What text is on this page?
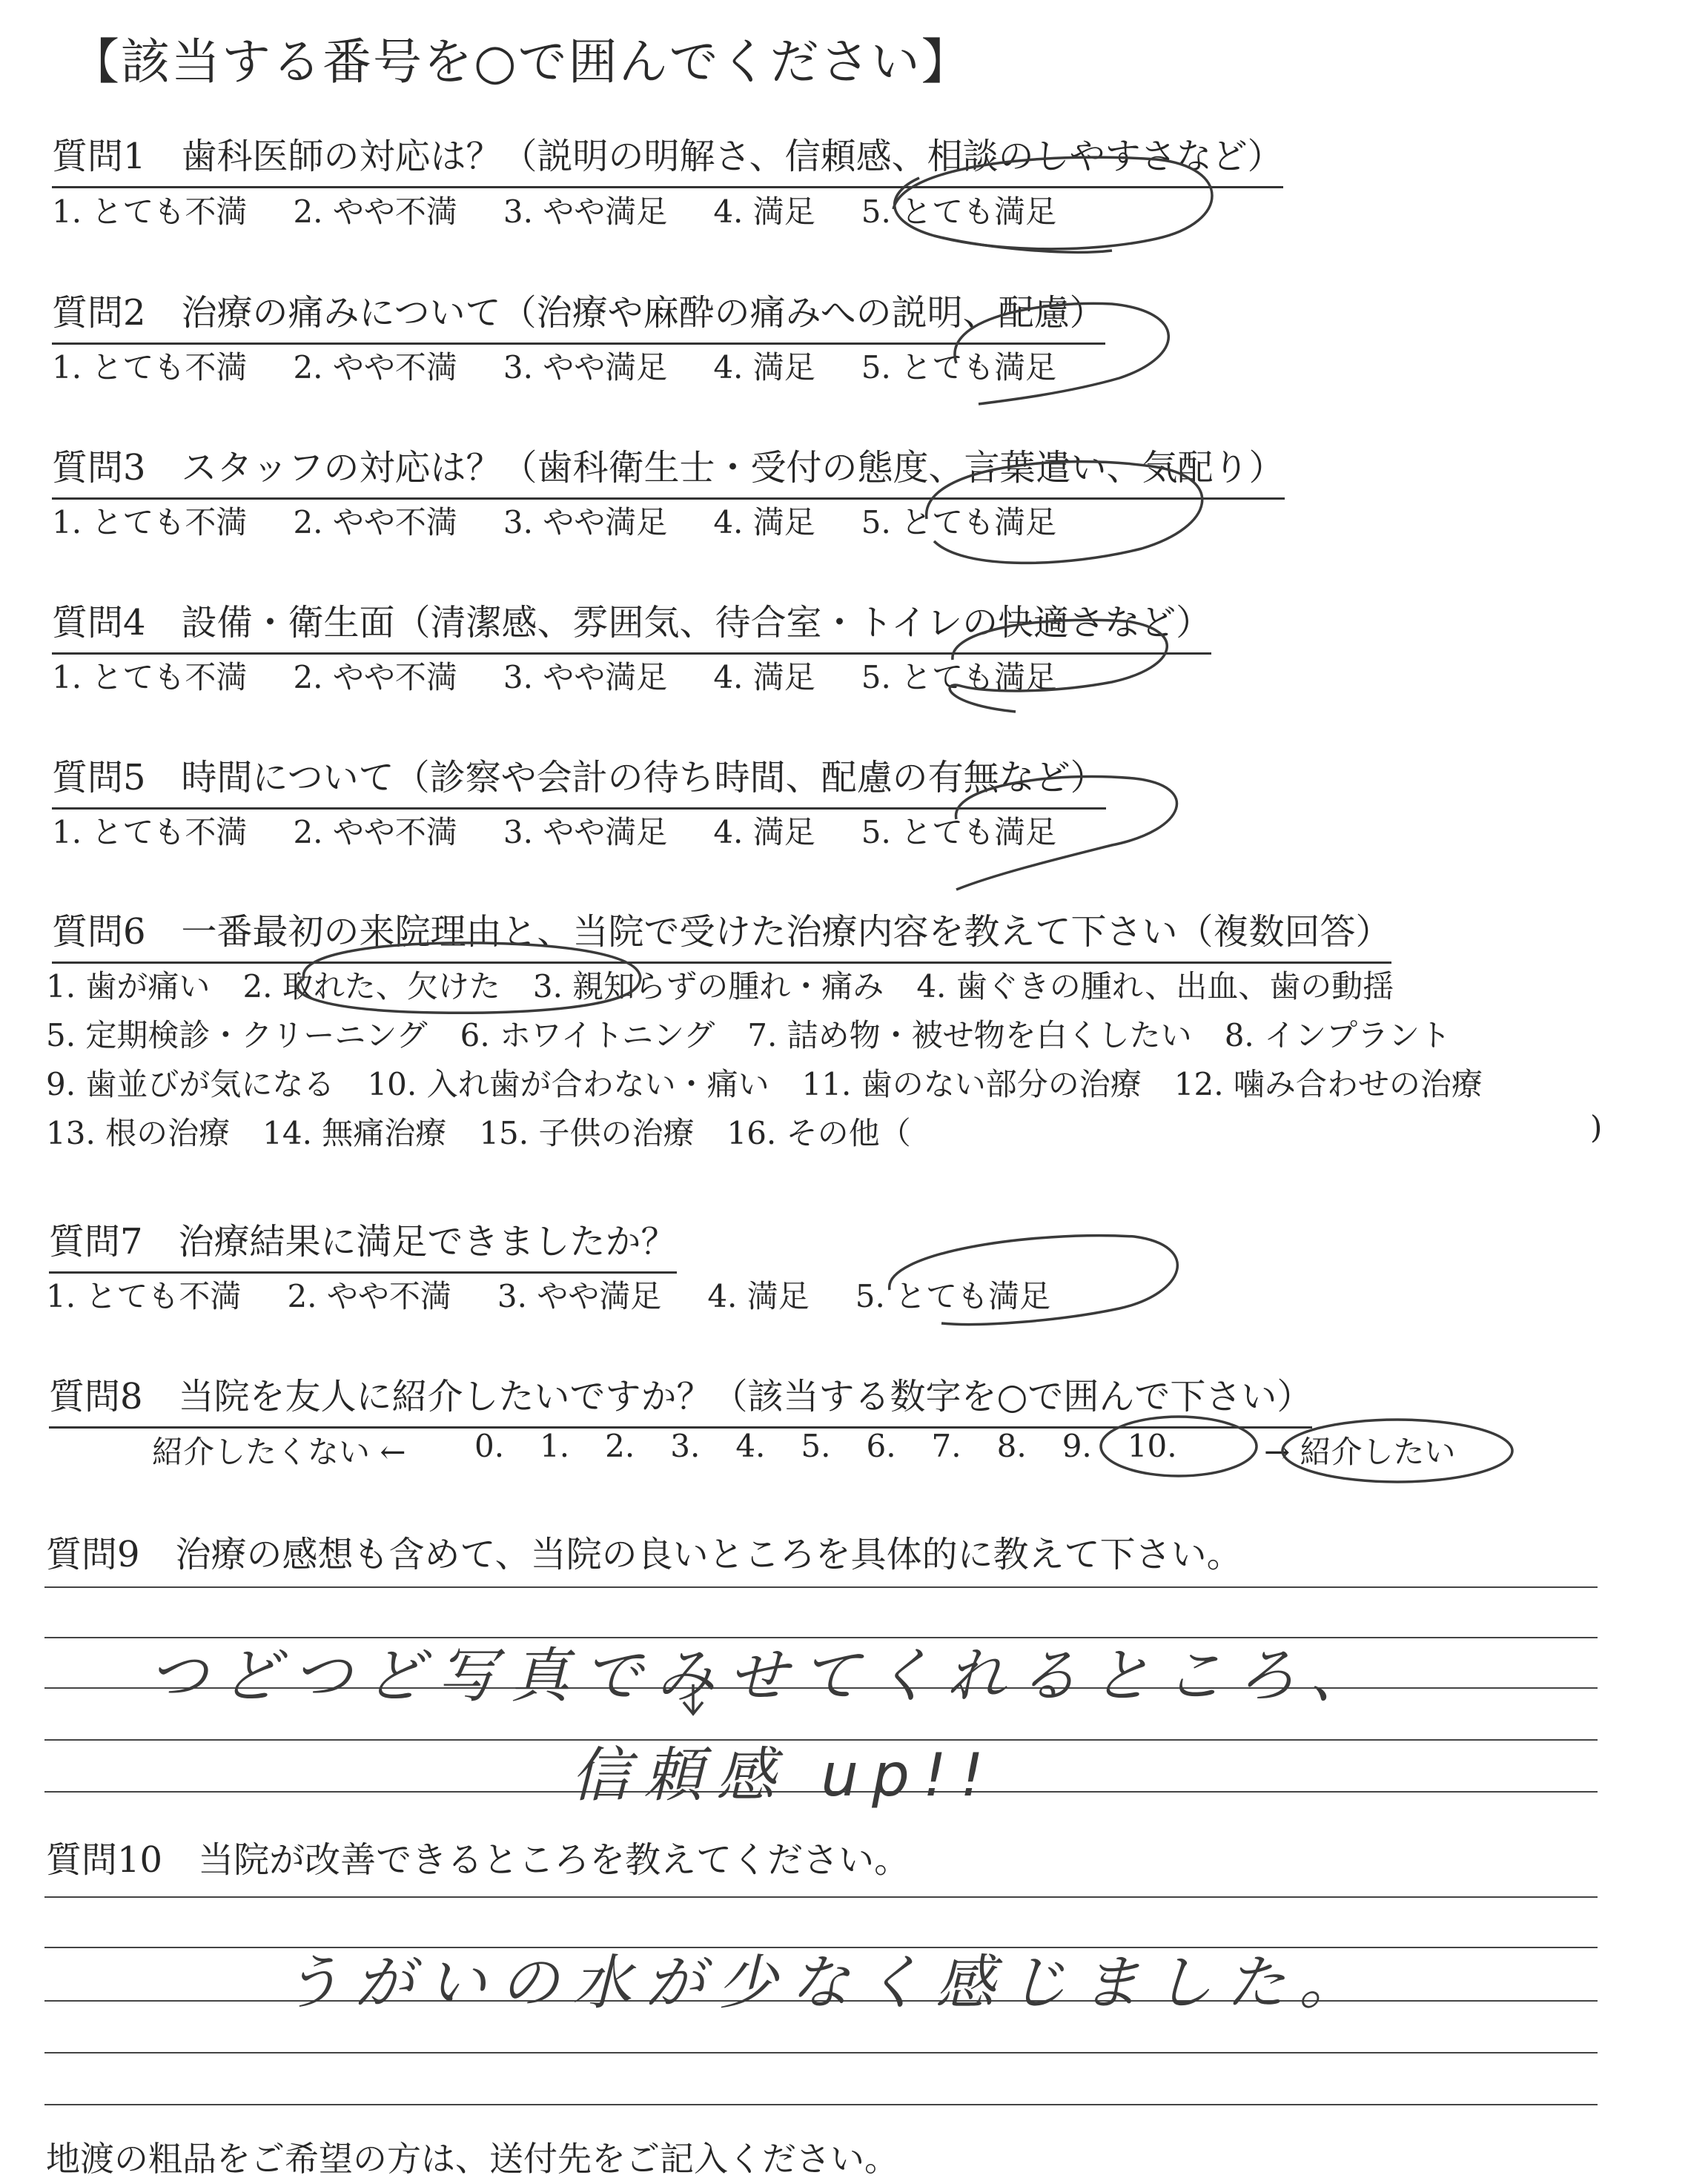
【該当する番号を○で囲んでください】
質問1　歯科医師の対応は？（説明の明解さ、信頼感、相談のしやすさなど）
1. とても不満 2. やや不満 3. やや満足 4. 満足 5. とても満足
質問2　治療の痛みについて（治療や麻酔の痛みへの説明、配慮）
1. とても不満 2. やや不満 3. やや満足 4. 満足 5. とても満足
質問3　スタッフの対応は？（歯科衛生士・受付の態度、言葉遣い、気配り）
1. とても不満 2. やや不満 3. やや満足 4. 満足 5. とても満足
質問4　設備・衛生面（清潔感、雰囲気、待合室・トイレの快適さなど）
1. とても不満 2. やや不満 3. やや満足 4. 満足 5. とても満足
質問5　時間について（診察や会計の待ち時間、配慮の有無など）
1. とても不満 2. やや不満 3. やや満足 4. 満足 5. とても満足
質問6　一番最初の来院理由と、当院で受けた治療内容を教えて下さい（複数回答）
1. 歯が痛い 2. 取れた、欠けた 3. 親知らずの腫れ・痛み 4. 歯ぐきの腫れ、出血、歯の動揺
5. 定期検診・クリーニング 6. ホワイトニング 7. 詰め物・被せ物を白くしたい 8. インプラント
9. 歯並びが気になる 10. 入れ歯が合わない・痛い 11. 歯のない部分の治療 12. 噛み合わせの治療
13. 根の治療 14. 無痛治療 15. 子供の治療 16. その他（	)
質問7　治療結果に満足できましたか？
1. とても不満 2. やや不満 3. やや満足 4. 満足 5. とても満足
質問8　当院を友人に紹介したいですか？（該当する数字を○で囲んで下さい）
紹介したくない ← 0. 1. 2. 3. 4. 5. 6. 7. 8. 9. 10.	→ 紹介したい
質問9　治療の感想も含めて、当院の良いところを具体的に教えて下さい。
つどつど写真でみせてくれるところ、
信頼感 up!!
質問10　当院が改善できるところを教えてください。
うがいの水が少なく感じました。
地渡の粗品をご希望の方は、送付先をご記入ください。
